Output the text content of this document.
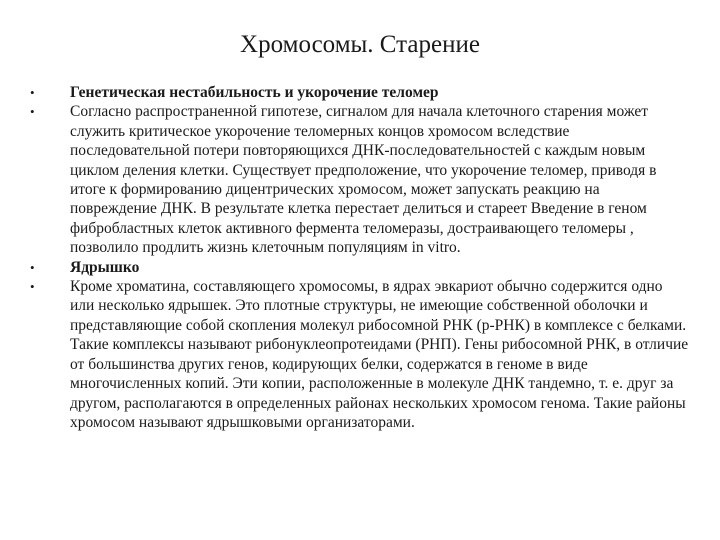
Хромосомы. Старение
•	Генетическая нестабильность и укорочение теломер
•	Согласно распространенной гипотезе, сигналом для начала клеточного старения может служить критическое укорочение теломерных концов хромосом вследствие последовательной потери повторяющихся ДНК-последовательностей с каждым новым циклом деления клетки. Существует предположение, что укорочение теломер, приводя в итоге к формированию дицентрических хромосом, может запускать реакцию на повреждение ДНК. В результате клетка перестает делиться и стареет Введение в геном фибробластных клеток активного фермента теломеразы, достраивающего теломеры , позволило продлить жизнь клеточным популяциям in vitro.
•	Ядрышко
•	Кроме хроматина, составляющего хромосомы, в ядрах эвкариот обычно содержится одно или несколько ядрышек. Это плотные структуры, не имеющие собственной оболочки и представляющие собой скопления молекул рибосомной РНК (р-РНК) в комплексе с белками. Такие комплексы называют рибонуклеопротеидами (РНП). Гены рибосомной РНК, в отличие от большинства других генов, кодирующих белки, содержатся в геноме в виде многочисленных копий. Эти копии, расположенные в молекуле ДНК тандемно, т. е. друг за другом, располагаются в определенных районах нескольких хромосом генома. Такие районы хромосом называют ядрышковыми организаторами.
